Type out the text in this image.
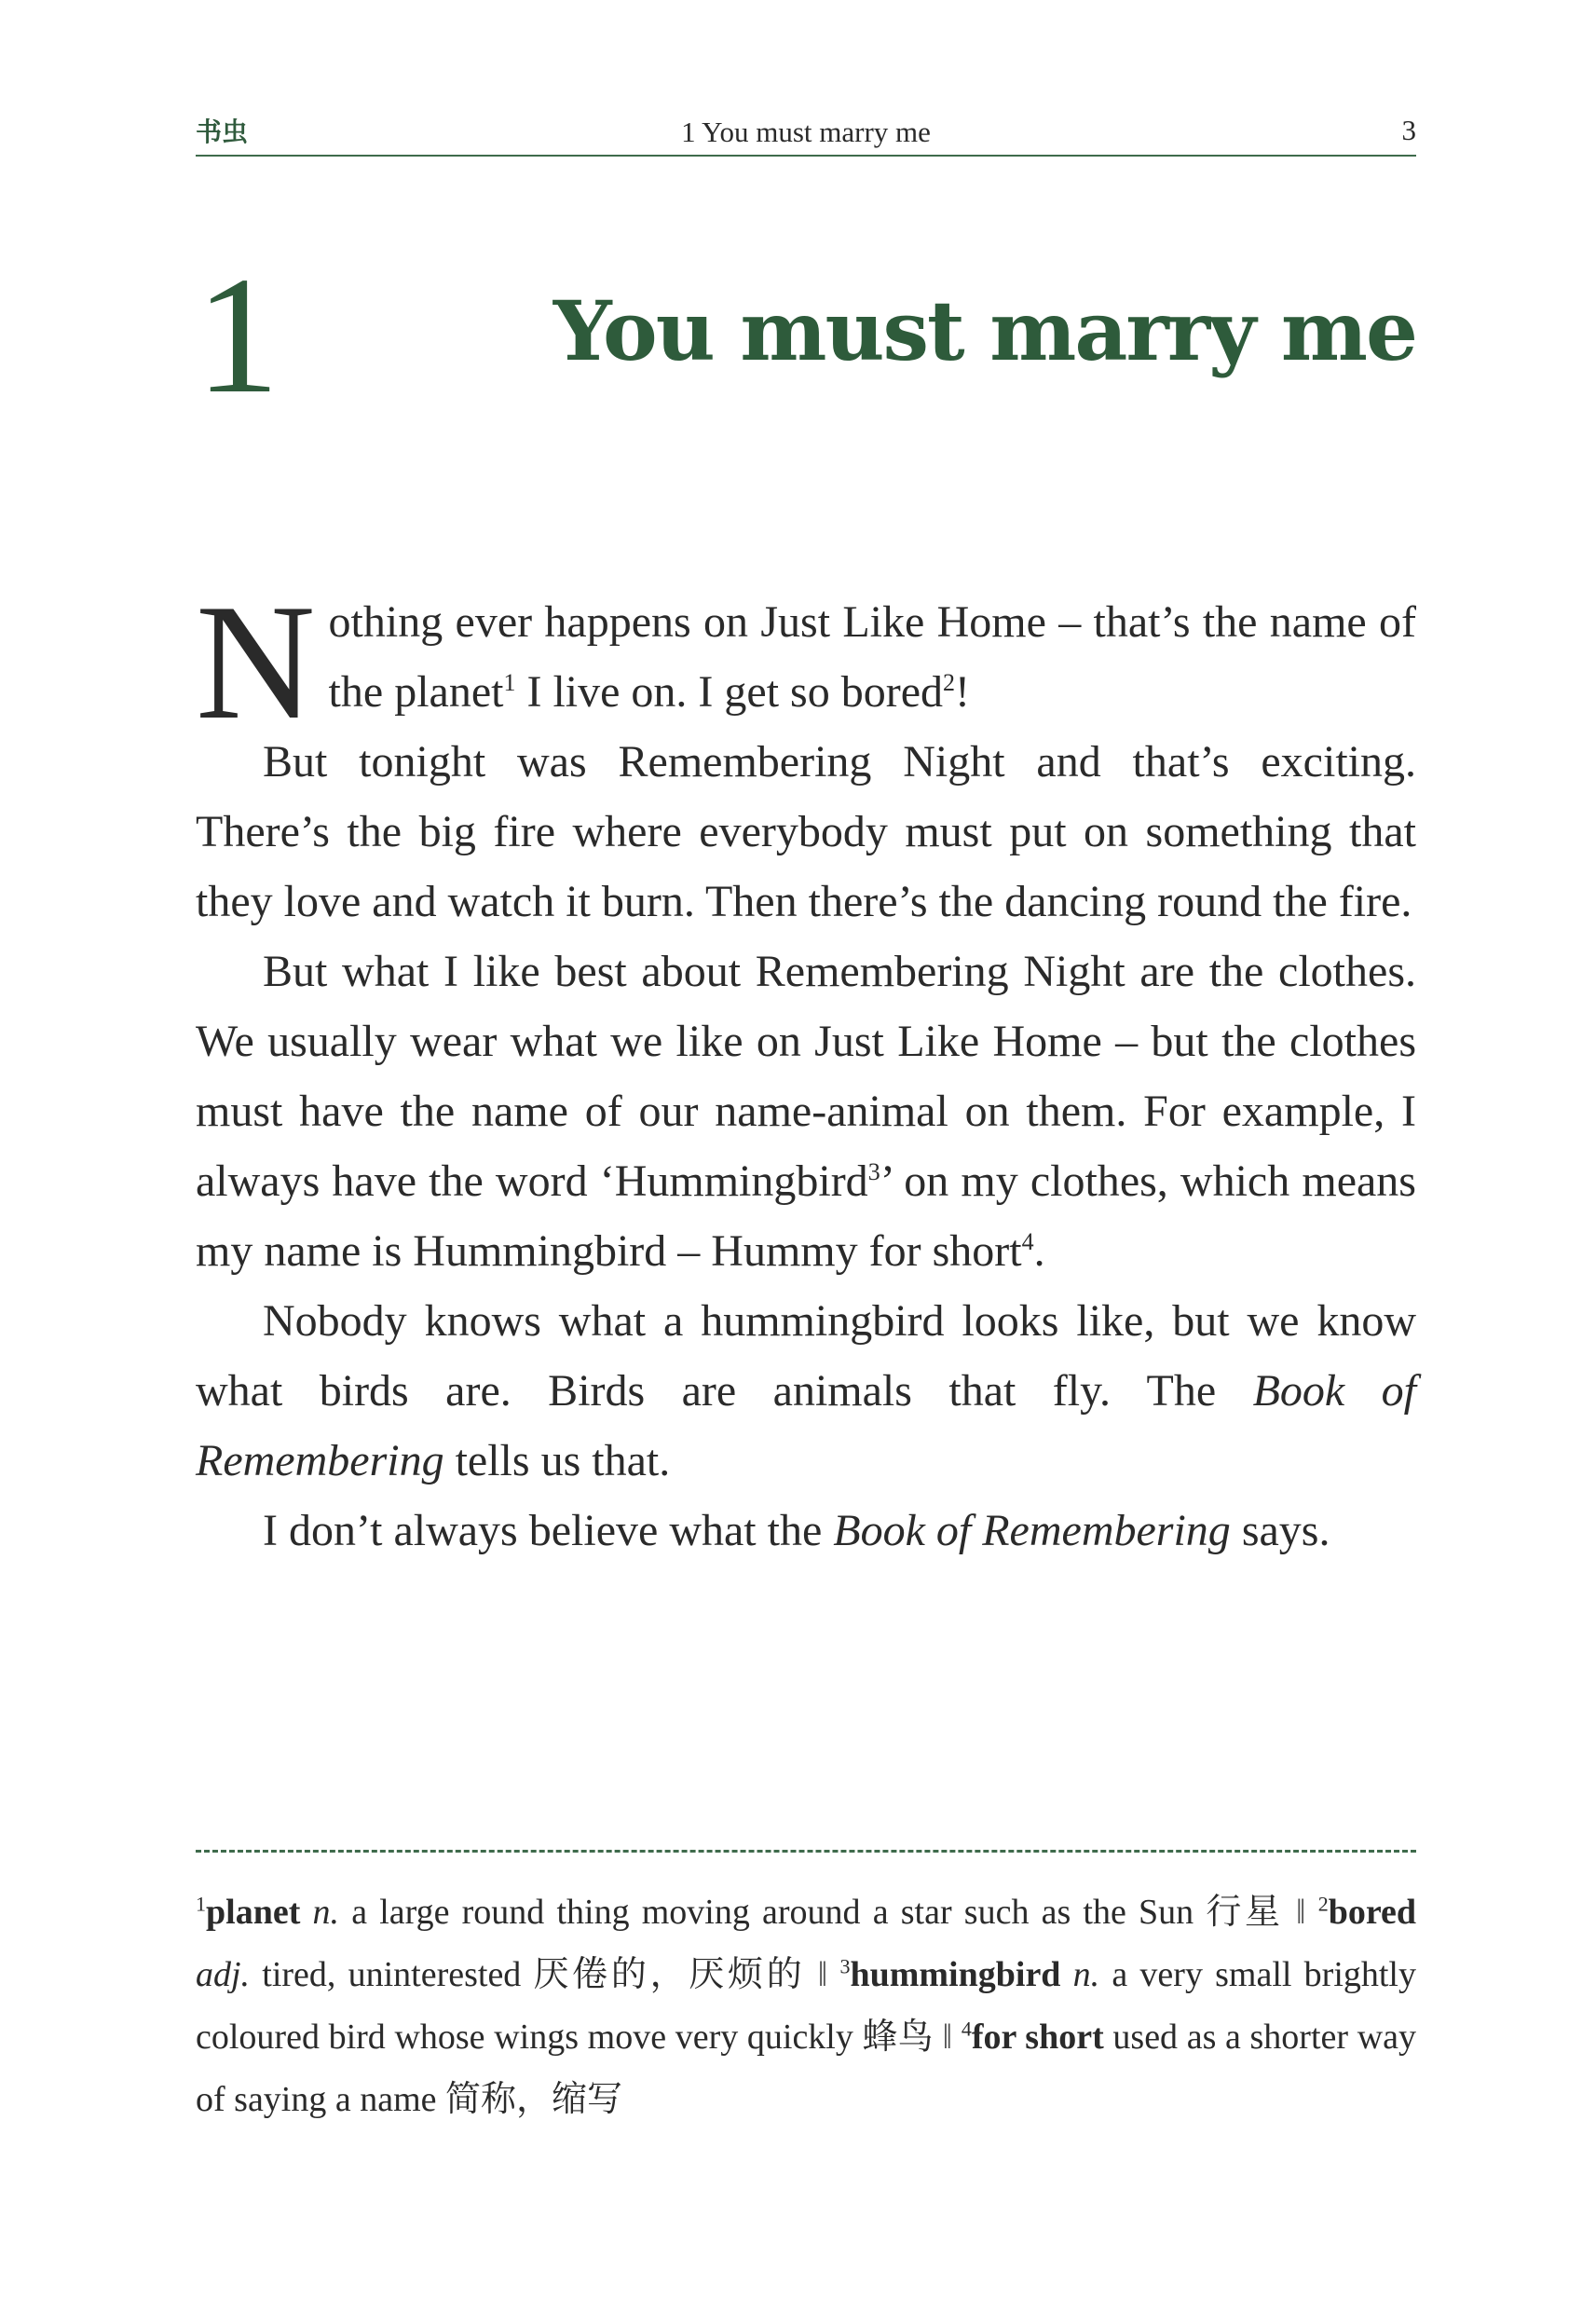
书虫	1 You must marry me	3
1	You must marry me

Nothing ever happens on Just Like Home – that’s the name of the planet$^1$ I live on. I get so bored$^2$!

But tonight was Remembering Night and that’s exciting. There’s the big fire where everybody must put on something that they love and watch it burn. Then there’s the dancing round the fire.

But what I like best about Remembering Night are the clothes. We usually wear what we like on Just Like Home – but the clothes must have the name of our name-animal on them. For example, I always have the word ‘Hummingbird$^3$’ on my clothes, which means my name is Hummingbird – Hummy for short$^4$.

Nobody knows what a hummingbird looks like, but we know what birds are. Birds are animals that fly. The Book of Remembering tells us that.

I don’t always believe what the Book of Remembering says.

$^1$planet n. a large round thing moving around a star such as the Sun 行星 ‖ $^2$bored adj. tired, uninterested 厌倦的，厌烦的 ‖ $^3$hummingbird n. a very small brightly coloured bird whose wings move very quickly 蜂鸟 ‖ $^4$for short used as a shorter way of saying a name 简称，缩写
